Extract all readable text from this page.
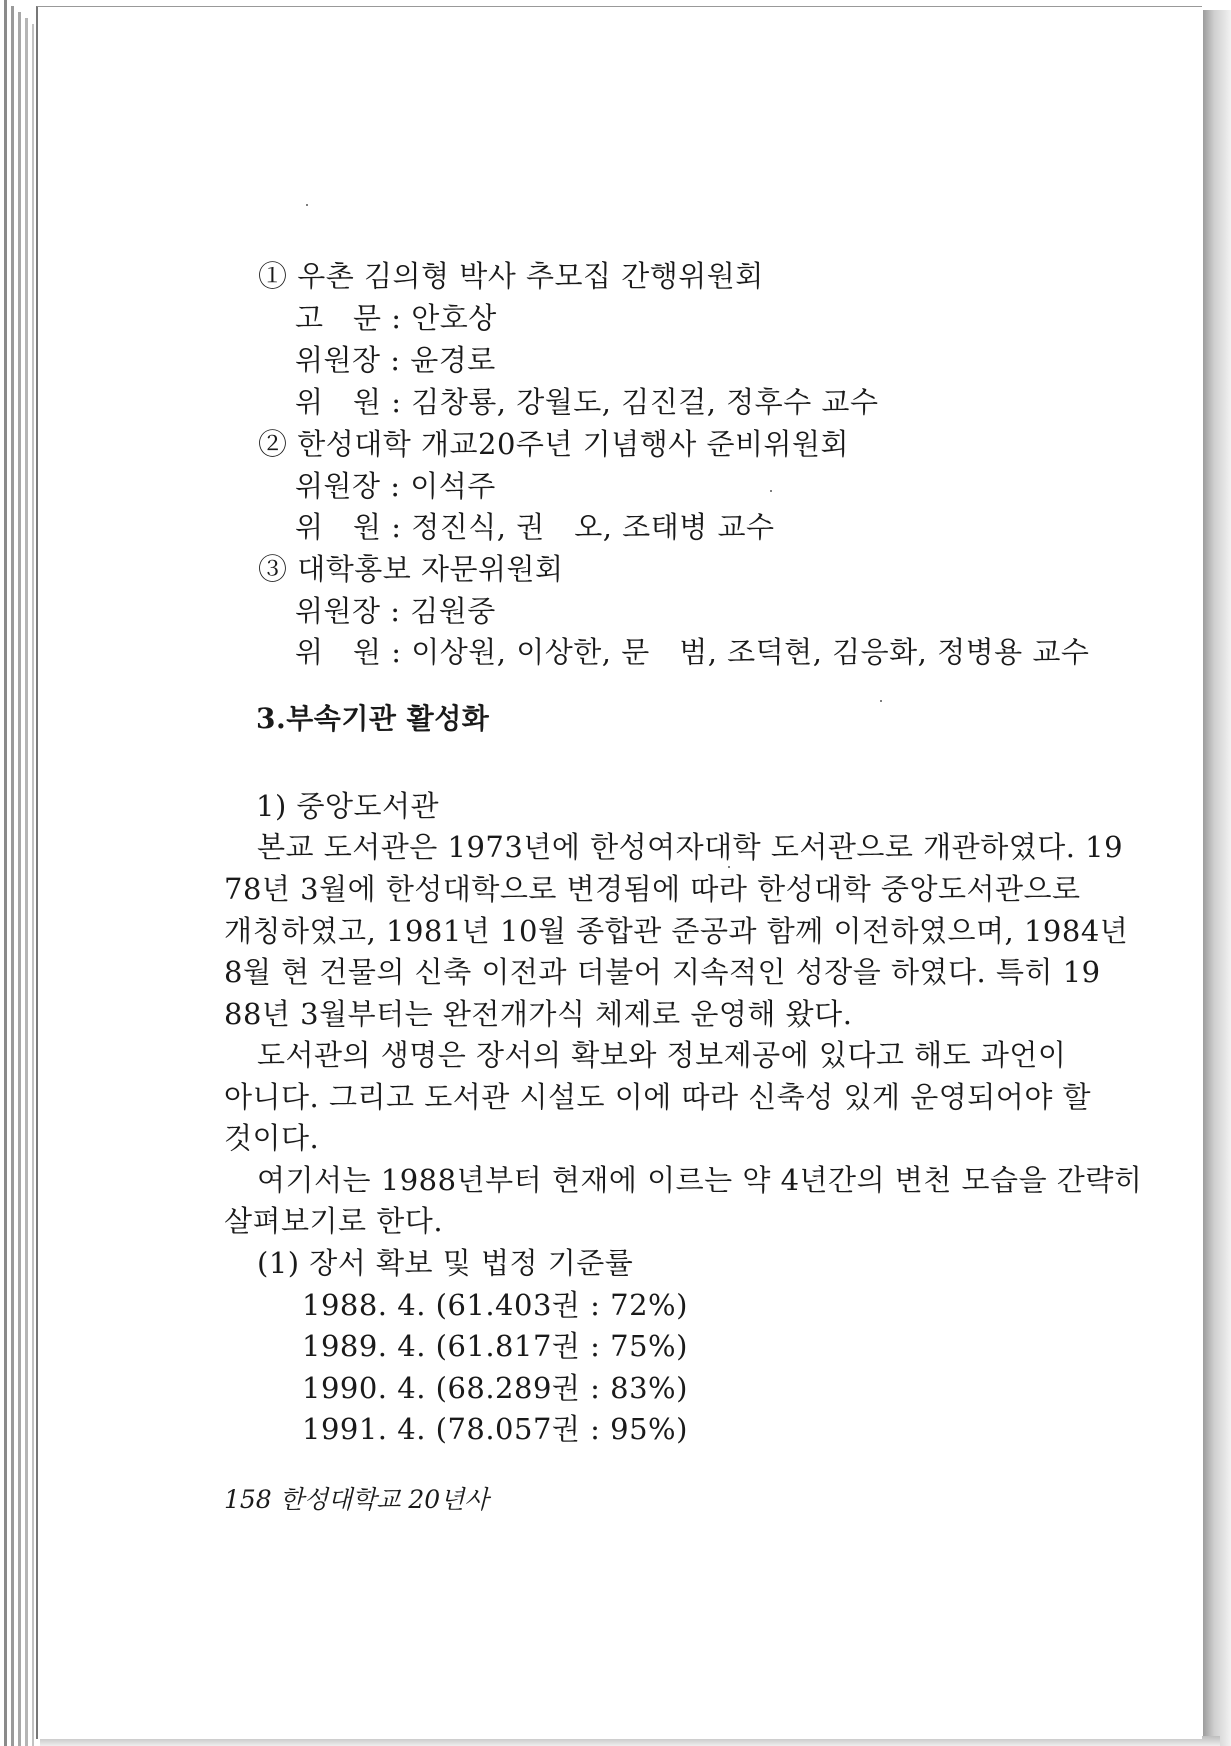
① 우촌 김의형 박사 추모집 간행위원회
고　문 : 안호상
위원장 : 윤경로
위　원 : 김창룡, 강월도, 김진걸, 정후수 교수
② 한성대학 개교20주년 기념행사 준비위원회
위원장 : 이석주
위　원 : 정진식, 권　오, 조태병 교수
③ 대학홍보 자문위원회
위원장 : 김원중
위　원 : 이상원, 이상한, 문　범, 조덕현, 김응화, 정병용 교수
3.부속기관 활성화
1) 중앙도서관
본교 도서관은 1973년에 한성여자대학 도서관으로 개관하였다. 19
78년 3월에 한성대학으로 변경됨에 따라 한성대학 중앙도서관으로
개칭하였고, 1981년 10월 종합관 준공과 함께 이전하였으며, 1984년
8월 현 건물의 신축 이전과 더불어 지속적인 성장을 하였다. 특히 19
88년 3월부터는 완전개가식 체제로 운영해 왔다.
도서관의 생명은 장서의 확보와 정보제공에 있다고 해도 과언이
아니다. 그리고 도서관 시설도 이에 따라 신축성 있게 운영되어야 할
것이다.
여기서는 1988년부터 현재에 이르는 약 4년간의 변천 모습을 간략히
살펴보기로 한다.
(1) 장서 확보 및 법정 기준률
1988. 4. (61.403권 : 72%)
1989. 4. (61.817권 : 75%)
1990. 4. (68.289권 : 83%)
1991. 4. (78.057권 : 95%)
158 한성대학교 20년사
